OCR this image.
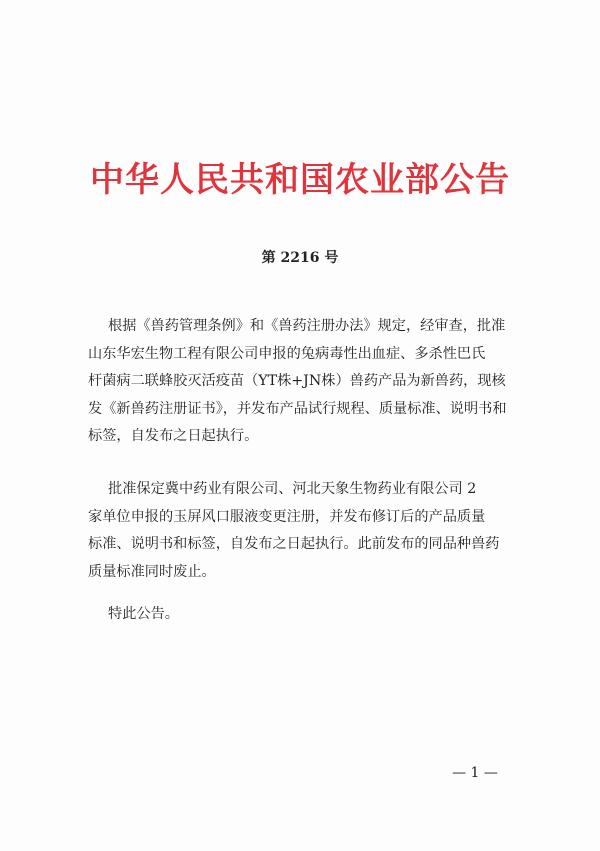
中华人民共和国农业部公告

第 2216 号

根据《兽药管理条例》和《兽药注册办法》规定，经审查，批准
山东华宏生物工程有限公司申报的兔病毒性出血症、多杀性巴氏
杆菌病二联蜂胶灭活疫苗（YT株+JN株）兽药产品为新兽药，现核
发《新兽药注册证书》，并发布产品试行规程、质量标准、说明书和
标签，自发布之日起执行。

批准保定冀中药业有限公司、河北天象生物药业有限公司 2
家单位申报的玉屏风口服液变更注册，并发布修订后的产品质量
标准、说明书和标签，自发布之日起执行。此前发布的同品种兽药
质量标准同时废止。

特此公告。

— 1 —
